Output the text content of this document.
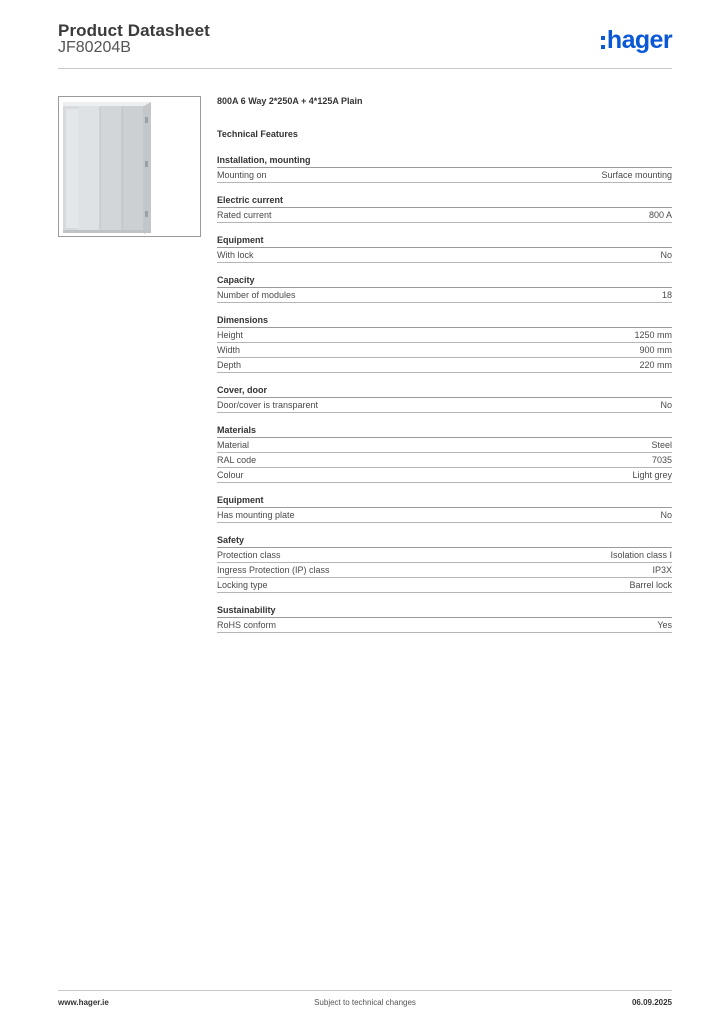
Product Datasheet
JF80204B	hager
800A 6 Way 2*250A + 4*125A Plain
Technical Features
Installation, mounting
Mounting on	Surface mounting
Electric current
Rated current	800 A
Equipment
With lock	No
Capacity
Number of modules	18
Dimensions
Height	1250 mm
Width	900 mm
Depth	220 mm
Cover, door
Door/cover is transparent	No
Materials
Material	Steel
RAL code	7035
Colour	Light grey
Equipment
Has mounting plate	No
Safety
Protection class	Isolation class I
Ingress Protection (IP) class	IP3X
Locking type	Barrel lock
Sustainability
RoHS conform	Yes
Subject to technical changes
www.hager.ie	06.09.2025
